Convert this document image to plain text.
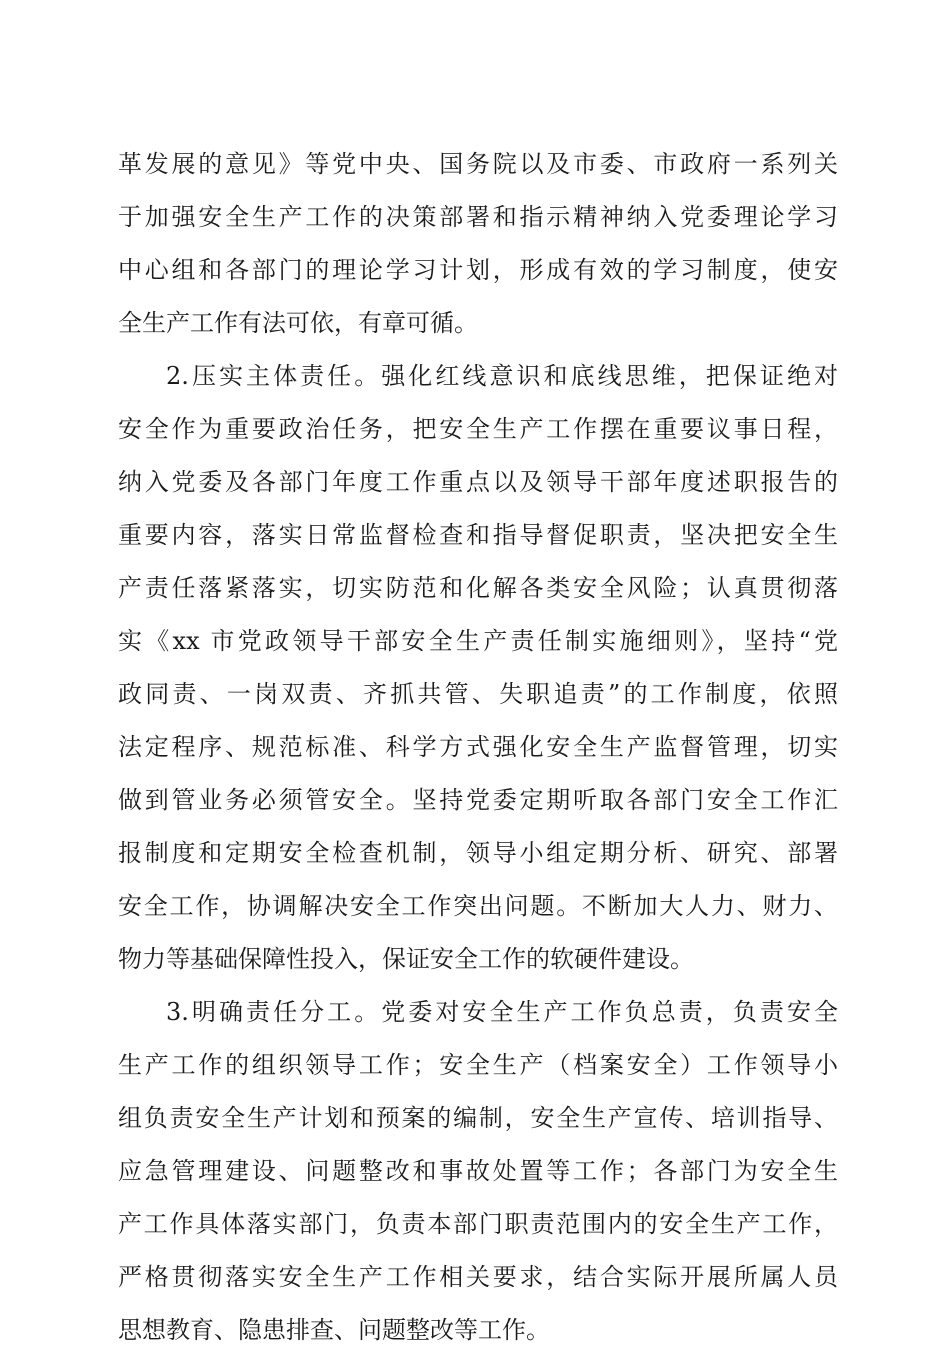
革发展的意见》等党中央、国务院以及市委、市政府一系列关
于加强安全生产工作的决策部署和指示精神纳入党委理论学习
中心组和各部门的理论学习计划，形成有效的学习制度，使安
全生产工作有法可依，有章可循。
2.压实主体责任。强化红线意识和底线思维，把保证绝对
安全作为重要政治任务，把安全生产工作摆在重要议事日程，
纳入党委及各部门年度工作重点以及领导干部年度述职报告的
重要内容，落实日常监督检查和指导督促职责，坚决把安全生
产责任落紧落实，切实防范和化解各类安全风险；认真贯彻落
实《xx 市党政领导干部安全生产责任制实施细则》，坚持“党
政同责、一岗双责、齐抓共管、失职追责”的工作制度，依照
法定程序、规范标准、科学方式强化安全生产监督管理，切实
做到管业务必须管安全。坚持党委定期听取各部门安全工作汇
报制度和定期安全检查机制，领导小组定期分析、研究、部署
安全工作，协调解决安全工作突出问题。不断加大人力、财力、
物力等基础保障性投入，保证安全工作的软硬件建设。
3.明确责任分工。党委对安全生产工作负总责，负责安全
生产工作的组织领导工作；安全生产（档案安全）工作领导小
组负责安全生产计划和预案的编制，安全生产宣传、培训指导、
应急管理建设、问题整改和事故处置等工作；各部门为安全生
产工作具体落实部门，负责本部门职责范围内的安全生产工作，
严格贯彻落实安全生产工作相关要求，结合实际开展所属人员
思想教育、隐患排查、问题整改等工作。
